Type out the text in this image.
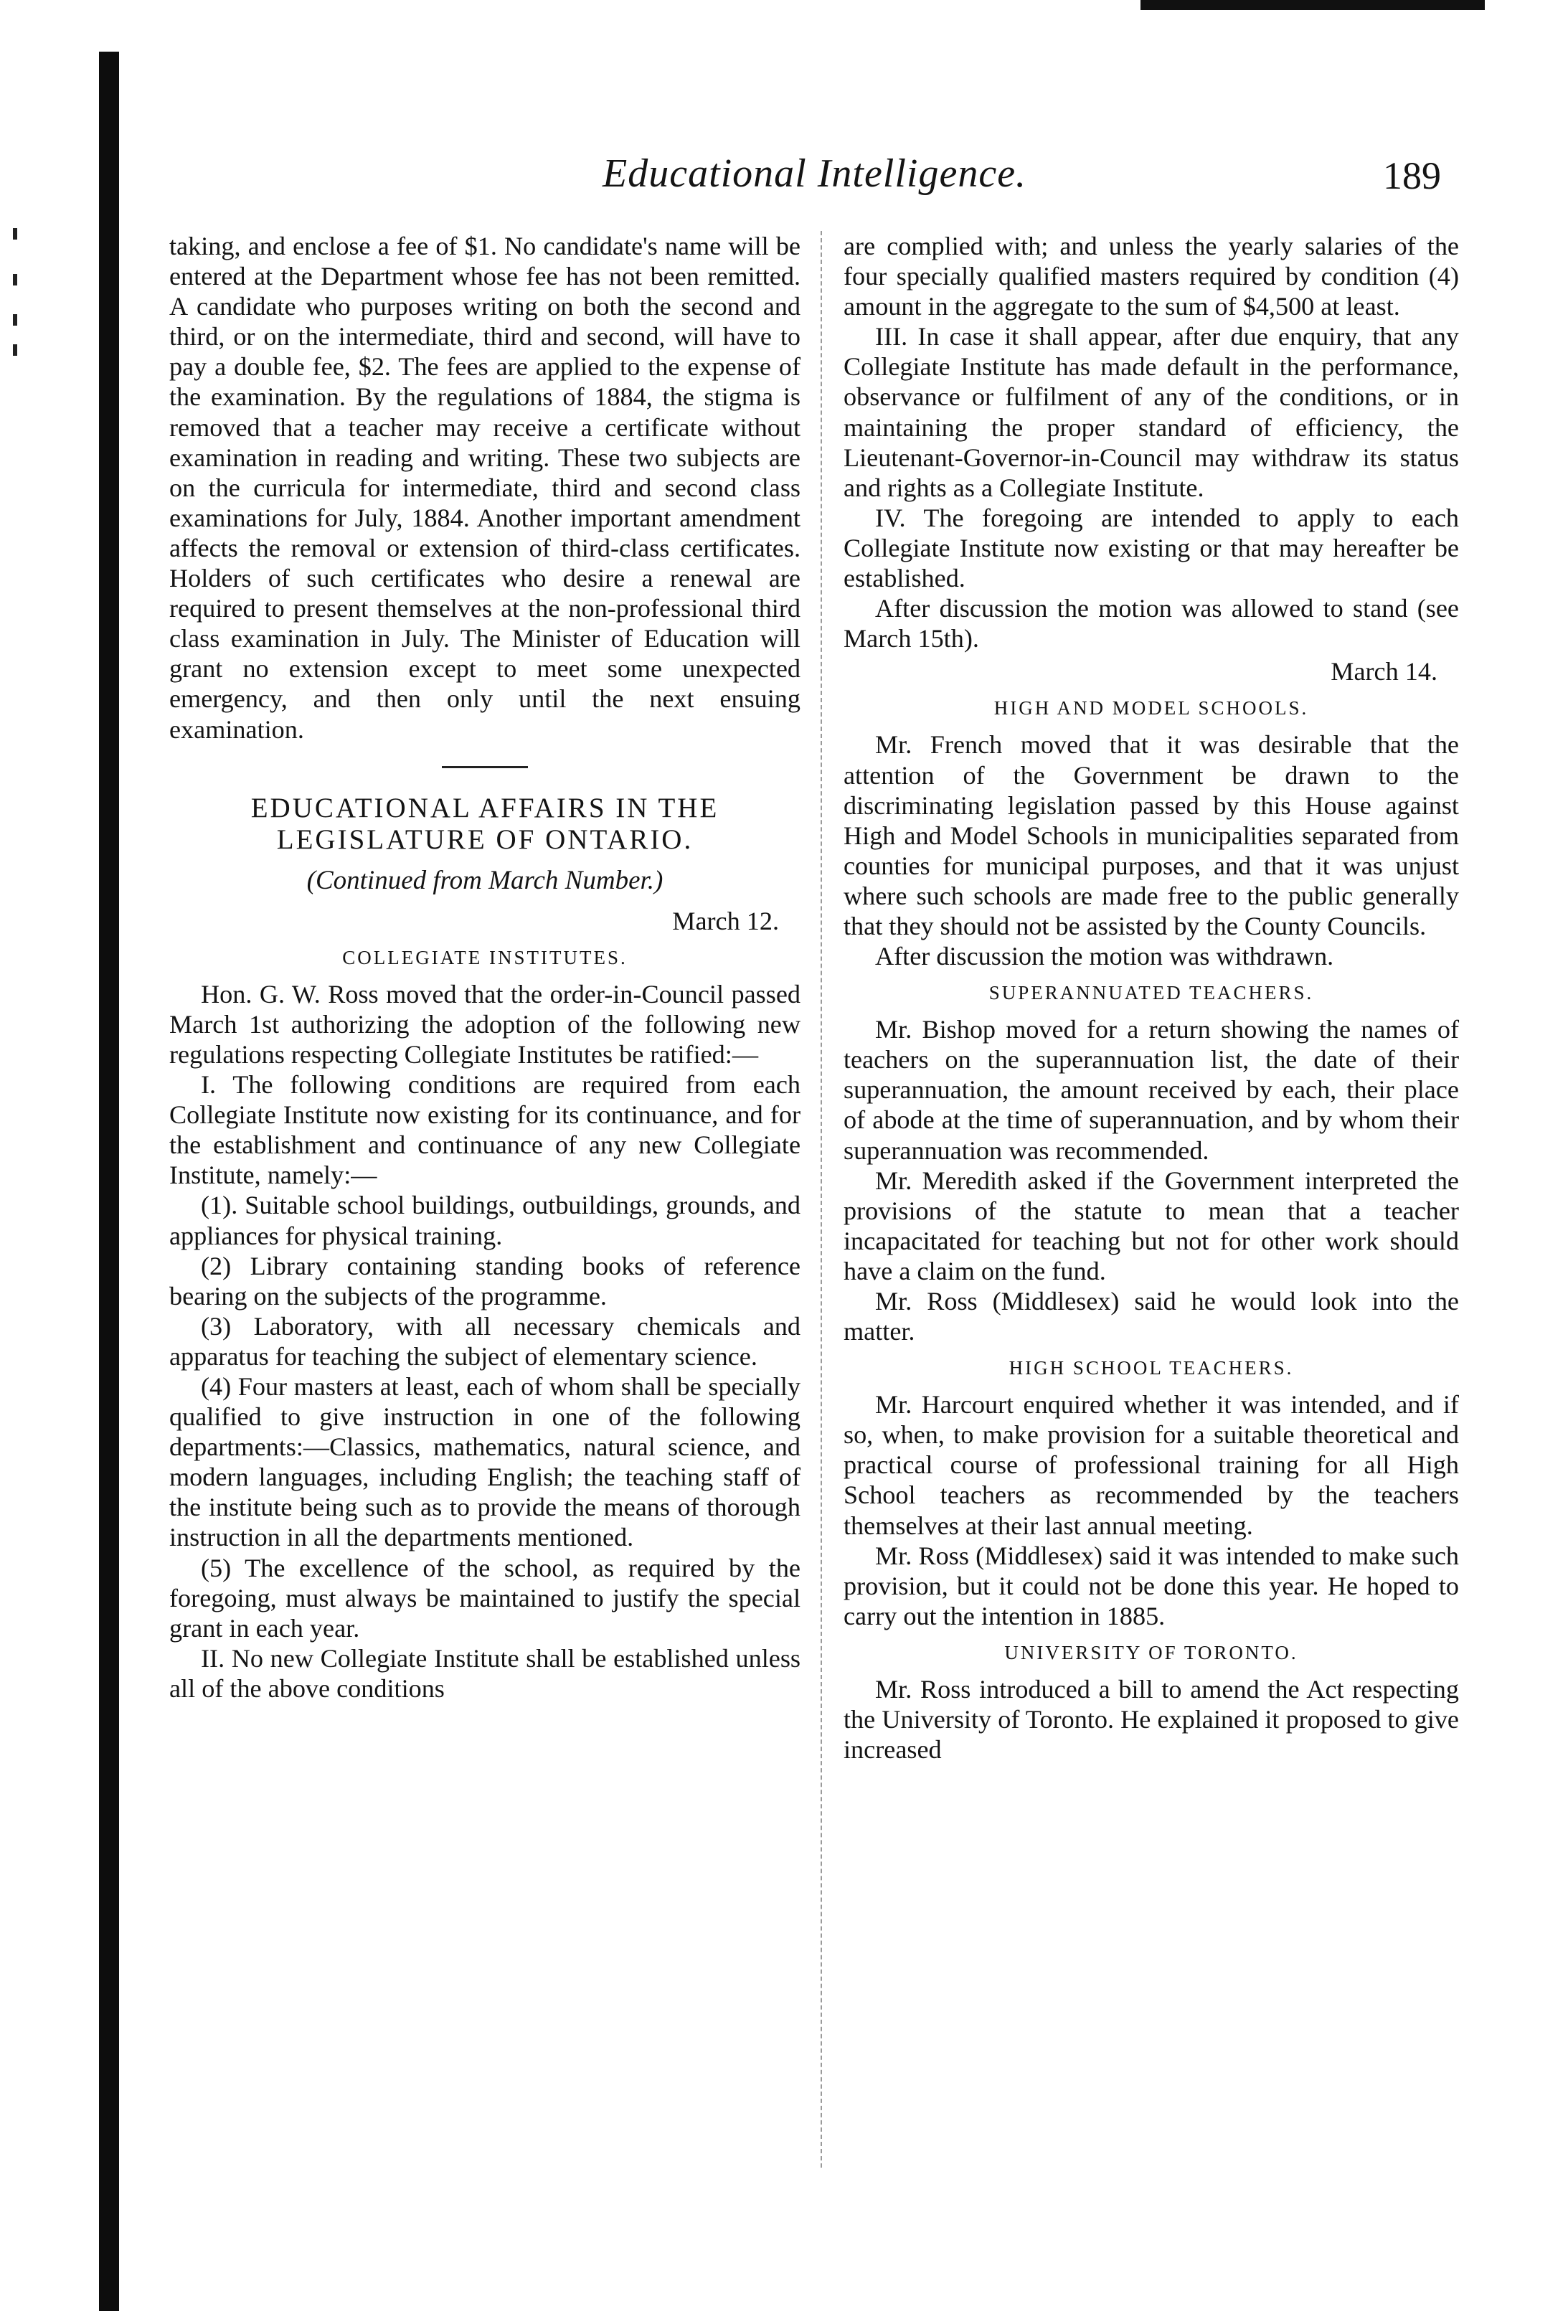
Educational Intelligence.	189

taking, and enclose a fee of $1. No candidate's name will be entered at the Department whose fee has not been remitted. A candidate who purposes writing on both the second and third, or on the intermediate, third and second, will have to pay a double fee, $2. The fees are applied to the expense of the examination. By the regulations of 1884, the stigma is removed that a teacher may receive a certificate without examination in reading and writing. These two subjects are on the curricula for intermediate, third and second class examinations for July, 1884. Another important amendment affects the removal or extension of third-class certificates. Holders of such certificates who desire a renewal are required to present themselves at the non-professional third class examination in July. The Minister of Education will grant no extension except to meet some unexpected emergency, and then only until the next ensuing examination.

EDUCATIONAL AFFAIRS IN THE
LEGISLATURE OF ONTARIO.
(Continued from March Number.)
March 12.
COLLEGIATE INSTITUTES.

Hon. G. W. Ross moved that the order-in-Council passed March 1st authorizing the adoption of the following new regulations respecting Collegiate Institutes be ratified:—

I. The following conditions are required from each Collegiate Institute now existing for its continuance, and for the establishment and continuance of any new Collegiate Institute, namely:—

(1). Suitable school buildings, outbuildings, grounds, and appliances for physical training.

(2) Library containing standing books of reference bearing on the subjects of the programme.

(3) Laboratory, with all necessary chemicals and apparatus for teaching the subject of elementary science.

(4) Four masters at least, each of whom shall be specially qualified to give instruction in one of the following departments:—Classics, mathematics, natural science, and modern languages, including English; the teaching staff of the institute being such as to provide the means of thorough instruction in all the departments mentioned.

(5) The excellence of the school, as required by the foregoing, must always be maintained to justify the special grant in each year.

II. No new Collegiate Institute shall be established unless all of the above conditions

are complied with; and unless the yearly salaries of the four specially qualified masters required by condition (4) amount in the aggregate to the sum of $4,500 at least.

III. In case it shall appear, after due enquiry, that any Collegiate Institute has made default in the performance, observance or fulfilment of any of the conditions, or in maintaining the proper standard of efficiency, the Lieutenant-Governor-in-Council may withdraw its status and rights as a Collegiate Institute.

IV. The foregoing are intended to apply to each Collegiate Institute now existing or that may hereafter be established.

After discussion the motion was allowed to stand (see March 15th).

March 14.
HIGH AND MODEL SCHOOLS.

Mr. French moved that it was desirable that the attention of the Government be drawn to the discriminating legislation passed by this House against High and Model Schools in municipalities separated from counties for municipal purposes, and that it was unjust where such schools are made free to the public generally that they should not be assisted by the County Councils.

After discussion the motion was withdrawn.

SUPERANNUATED TEACHERS.

Mr. Bishop moved for a return showing the names of teachers on the superannuation list, the date of their superannuation, the amount received by each, their place of abode at the time of superannuation, and by whom their superannuation was recommended.

Mr. Meredith asked if the Government interpreted the provisions of the statute to mean that a teacher incapacitated for teaching but not for other work should have a claim on the fund.

Mr. Ross (Middlesex) said he would look into the matter.

HIGH SCHOOL TEACHERS.

Mr. Harcourt enquired whether it was intended, and if so, when, to make provision for a suitable theoretical and practical course of professional training for all High School teachers as recommended by the teachers themselves at their last annual meeting.

Mr. Ross (Middlesex) said it was intended to make such provision, but it could not be done this year. He hoped to carry out the intention in 1885.

UNIVERSITY OF TORONTO.

Mr. Ross introduced a bill to amend the Act respecting the University of Toronto. He explained it proposed to give increased
